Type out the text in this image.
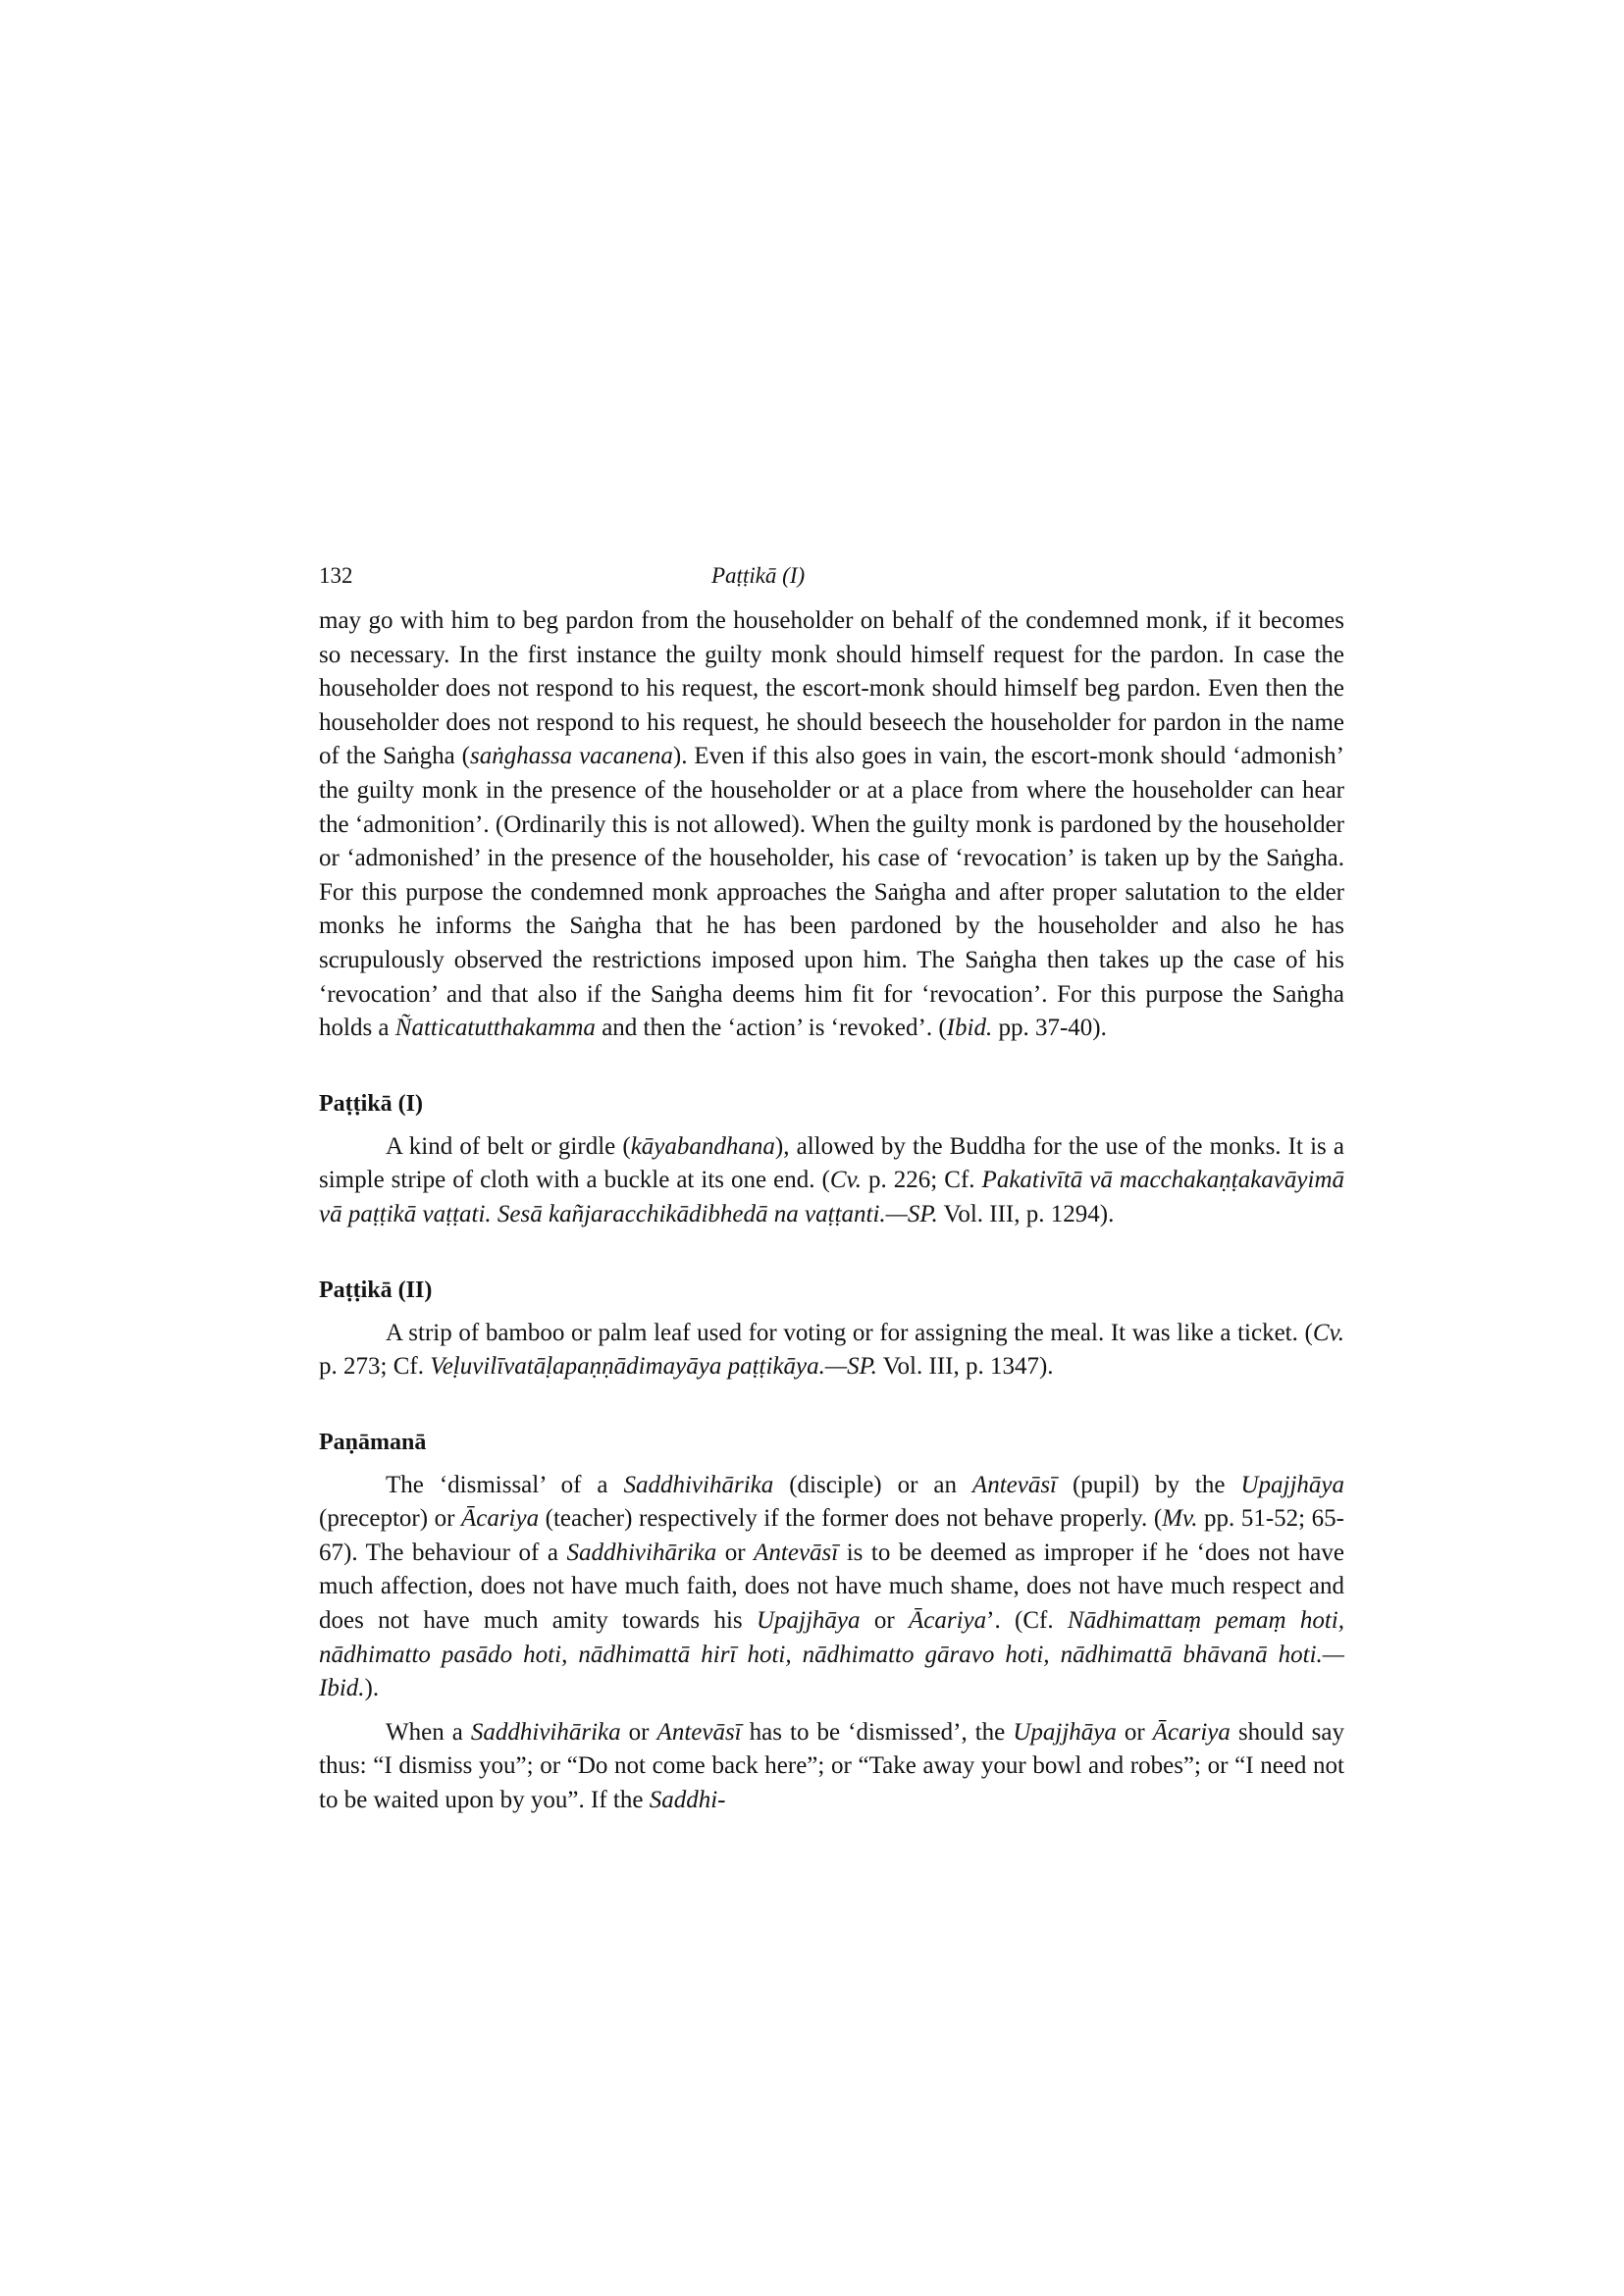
132	Paṭṭikā (I)

may go with him to beg pardon from the householder on behalf of the condemned monk, if it becomes so necessary. In the first instance the guilty monk should himself request for the pardon. In case the householder does not respond to his request, the escort-monk should himself beg pardon. Even then the householder does not respond to his request, he should beseech the householder for pardon in the name of the Saṅgha (saṅghassa vacanena). Even if this also goes in vain, the escort-monk should ‘admonish’ the guilty monk in the presence of the householder or at a place from where the householder can hear the ‘admonition’. (Ordinarily this is not allowed). When the guilty monk is pardoned by the householder or ‘admonished’ in the presence of the householder, his case of ‘revocation’ is taken up by the Saṅgha. For this purpose the condemned monk approaches the Saṅgha and after proper salutation to the elder monks he informs the Saṅgha that he has been pardoned by the householder and also he has scrupulously observed the restrictions imposed upon him. The Saṅgha then takes up the case of his ‘revocation’ and that also if the Saṅgha deems him fit for ‘revocation’. For this purpose the Saṅgha holds a Ñatticatutthakamma and then the ‘action’ is ‘revoked’. (Ibid. pp. 37-40).

Paṭṭikā (I)

A kind of belt or girdle (kāyabandhana), allowed by the Buddha for the use of the monks. It is a simple stripe of cloth with a buckle at its one end. (Cv. p. 226; Cf. Pakativītā vā macchakaṇṭakavāyimā vā paṭṭikā vaṭṭati. Sesā kañjaracchikādibhedā na vaṭṭanti.—SP. Vol. III, p. 1294).

Paṭṭikā (II)

A strip of bamboo or palm leaf used for voting or for assigning the meal. It was like a ticket. (Cv. p. 273; Cf. Veḷuvilīvatāḷapaṇṇādimayāya paṭṭikāya.—SP. Vol. III, p. 1347).

Paṇāmanā

The ‘dismissal’ of a Saddhivihārika (disciple) or an Antevāsī (pupil) by the Upajjhāya (preceptor) or Ācariya (teacher) respectively if the former does not behave properly. (Mv. pp. 51-52; 65-67). The behaviour of a Saddhivihārika or Antevāsī is to be deemed as improper if he ‘does not have much affection, does not have much faith, does not have much shame, does not have much respect and does not have much amity towards his Upajjhāya or Ācariya’. (Cf. Nādhimattaṃ pemaṃ hoti, nādhimatto pasādo hoti, nādhimattā hirī hoti, nādhimatto gāravo hoti, nādhimattā bhāvanā hoti.—Ibid.).

When a Saddhivihārika or Antevāsī has to be ‘dismissed’, the Upajjhāya or Ācariya should say thus: “I dismiss you”; or “Do not come back here”; or “Take away your bowl and robes”; or “I need not to be waited upon by you”. If the Saddhi-
